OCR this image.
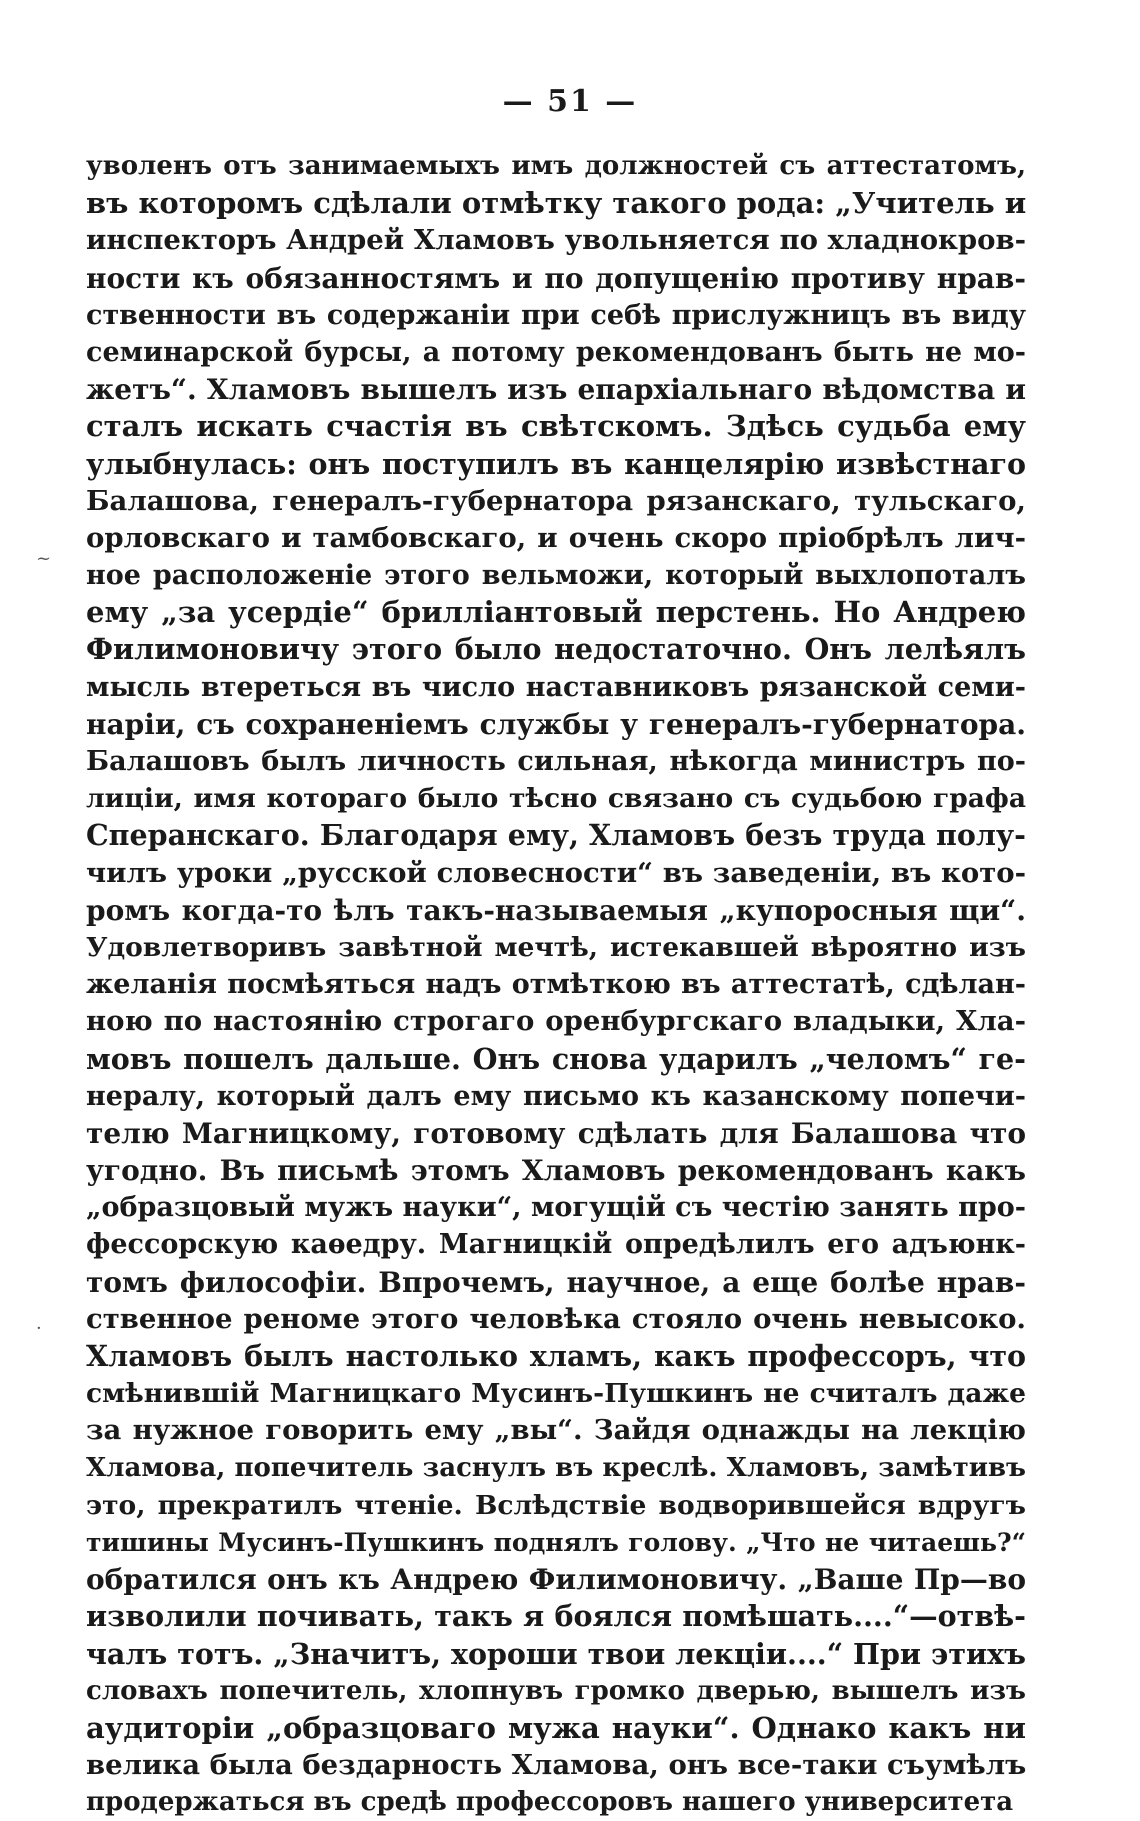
— 51 —
уволенъ отъ занимаемыхъ имъ должностей съ аттестатомъ,
въ которомъ сдѣлали отмѣтку такого рода: „Учитель и
инспекторъ Андрей Хламовъ увольняется по хладнокров-
ности къ обязанностямъ и по допущенію противу нрав-
ственности въ содержаніи при себѣ прислужницъ въ виду
семинарской бурсы, а потому рекомендованъ быть не мо-
жетъ“. Хламовъ вышелъ изъ епархіальнаго вѣдомства и
сталъ искать счастія въ свѣтскомъ. Здѣсь судьба ему
улыбнулась: онъ поступилъ въ канцелярію извѣстнаго
Балашова, генералъ-губернатора рязанскаго, тульскаго,
орловскаго и тамбовскаго, и очень скоро пріобрѣлъ лич-
ное расположеніе этого вельможи, который выхлопоталъ
ему „за усердіе“ брилліантовый перстень. Но Андрею
Филимоновичу этого было недостаточно. Онъ лелѣялъ
мысль втереться въ число наставниковъ рязанской семи-
наріи, съ сохраненіемъ службы у генералъ-губернатора.
Балашовъ былъ личность сильная, нѣкогда министръ по-
лиціи, имя котораго было тѣсно связано съ судьбою графа
Сперанскаго. Благодаря ему, Хламовъ безъ труда полу-
чилъ уроки „русской словесности“ въ заведеніи, въ кото-
ромъ когда-то ѣлъ такъ-называемыя „купоросныя щи“.
Удовлетворивъ завѣтной мечтѣ, истекавшей вѣроятно изъ
желанія посмѣяться надъ отмѣткою въ аттестатѣ, сдѣлан-
ною по настоянію строгаго оренбургскаго владыки, Хла-
мовъ пошелъ дальше. Онъ снова ударилъ „челомъ“ ге-
нералу, который далъ ему письмо къ казанскому попечи-
телю Магницкому, готовому сдѣлать для Балашова что
угодно. Въ письмѣ этомъ Хламовъ рекомендованъ какъ
„образцовый мужъ науки“, могущій съ честію занять про-
фессорскую каѳедру. Магницкій опредѣлилъ его адъюнк-
томъ философіи. Впрочемъ, научное, а еще болѣе нрав-
ственное реноме этого человѣка стояло очень невысоко.
Хламовъ былъ настолько хламъ, какъ профессоръ, что
смѣнившій Магницкаго Мусинъ-Пушкинъ не считалъ даже
за нужное говорить ему „вы“. Зайдя однажды на лекцію
Хламова, попечитель заснулъ въ креслѣ. Хламовъ, замѣтивъ
это, прекратилъ чтеніе. Вслѣдствіе водворившейся вдругъ
тишины Мусинъ-Пушкинъ поднялъ голову. „Что не читаешь?“
обратился онъ къ Андрею Филимоновичу. „Ваше Пр—во
изволили почивать, такъ я боялся помѣшать....“—отвѣ-
чалъ тотъ. „Значитъ, хороши твои лекціи....“ При этихъ
словахъ попечитель, хлопнувъ громко дверью, вышелъ изъ
аудиторіи „образцоваго мужа науки“. Однако какъ ни
велика была бездарность Хламова, онъ все-таки съумѣлъ
продержаться въ средѣ профессоровъ нашего университета
~
·
